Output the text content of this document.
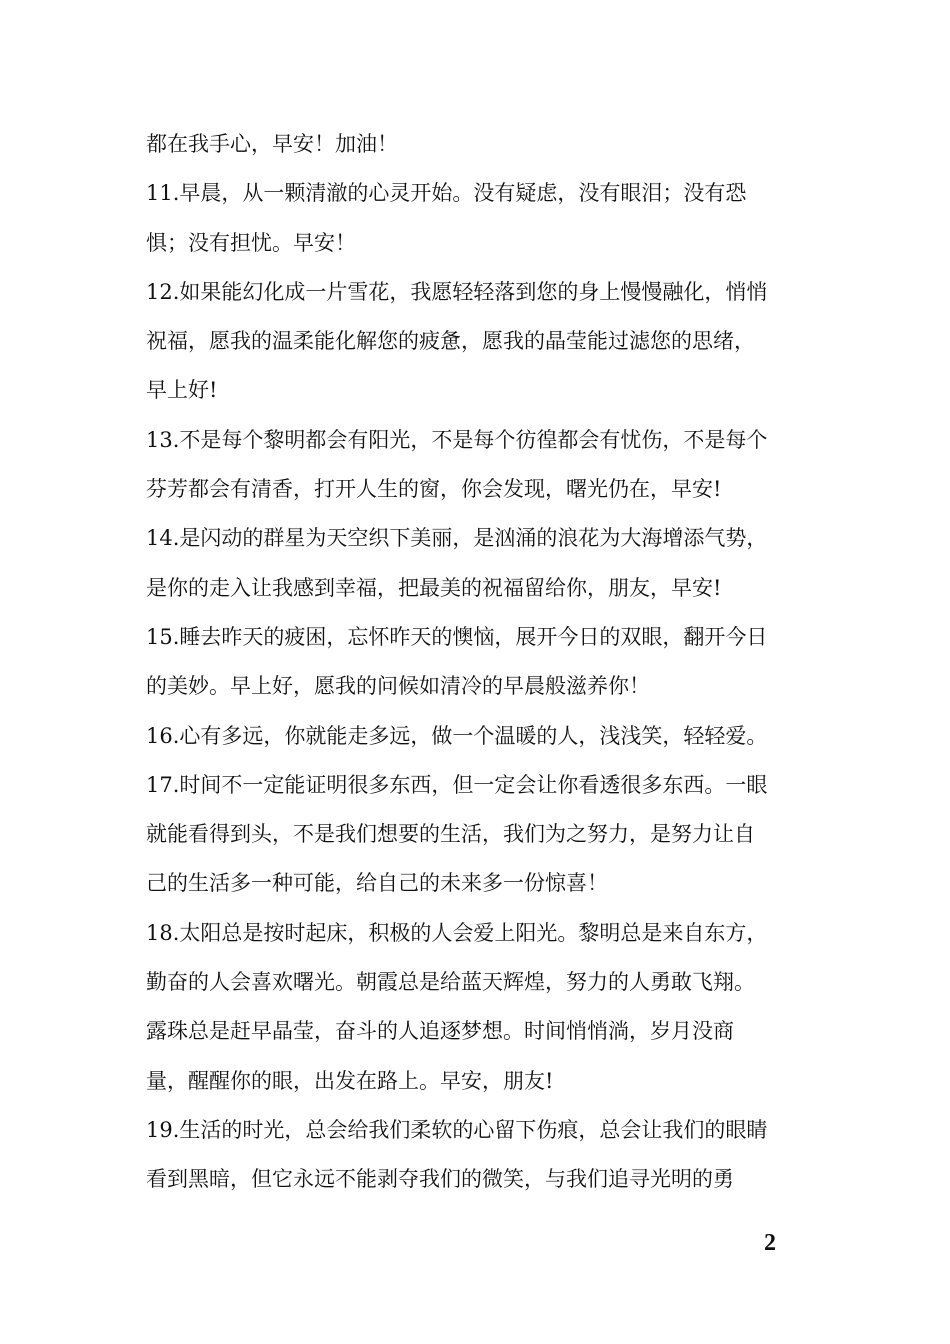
都在我手心，早安！加油！
11.早晨，从一颗清澈的心灵开始。没有疑虑，没有眼泪；没有恐
惧；没有担忧。早安！
12.如果能幻化成一片雪花，我愿轻轻落到您的身上慢慢融化，悄悄
祝福，愿我的温柔能化解您的疲惫，愿我的晶莹能过滤您的思绪，
早上好!
13.不是每个黎明都会有阳光，不是每个彷徨都会有忧伤，不是每个
芬芳都会有清香，打开人生的窗，你会发现，曙光仍在，早安!
14.是闪动的群星为天空织下美丽，是汹涌的浪花为大海增添气势，
是你的走入让我感到幸福，把最美的祝福留给你，朋友，早安!
15.睡去昨天的疲困，忘怀昨天的懊恼，展开今日的双眼，翻开今日
的美妙。早上好，愿我的问候如清冷的早晨般滋养你！
16.心有多远，你就能走多远，做一个温暖的人，浅浅笑，轻轻爱。
17.时间不一定能证明很多东西，但一定会让你看透很多东西。一眼
就能看得到头，不是我们想要的生活，我们为之努力，是努力让自
己的生活多一种可能，给自己的未来多一份惊喜！
18.太阳总是按时起床，积极的人会爱上阳光。黎明总是来自东方，
勤奋的人会喜欢曙光。朝霞总是给蓝天辉煌，努力的人勇敢飞翔。
露珠总是赶早晶莹，奋斗的人追逐梦想。时间悄悄淌，岁月没商
量，醒醒你的眼，出发在路上。早安，朋友!
19.生活的时光，总会给我们柔软的心留下伤痕，总会让我们的眼睛
看到黑暗，但它永远不能剥夺我们的微笑，与我们追寻光明的勇
2
